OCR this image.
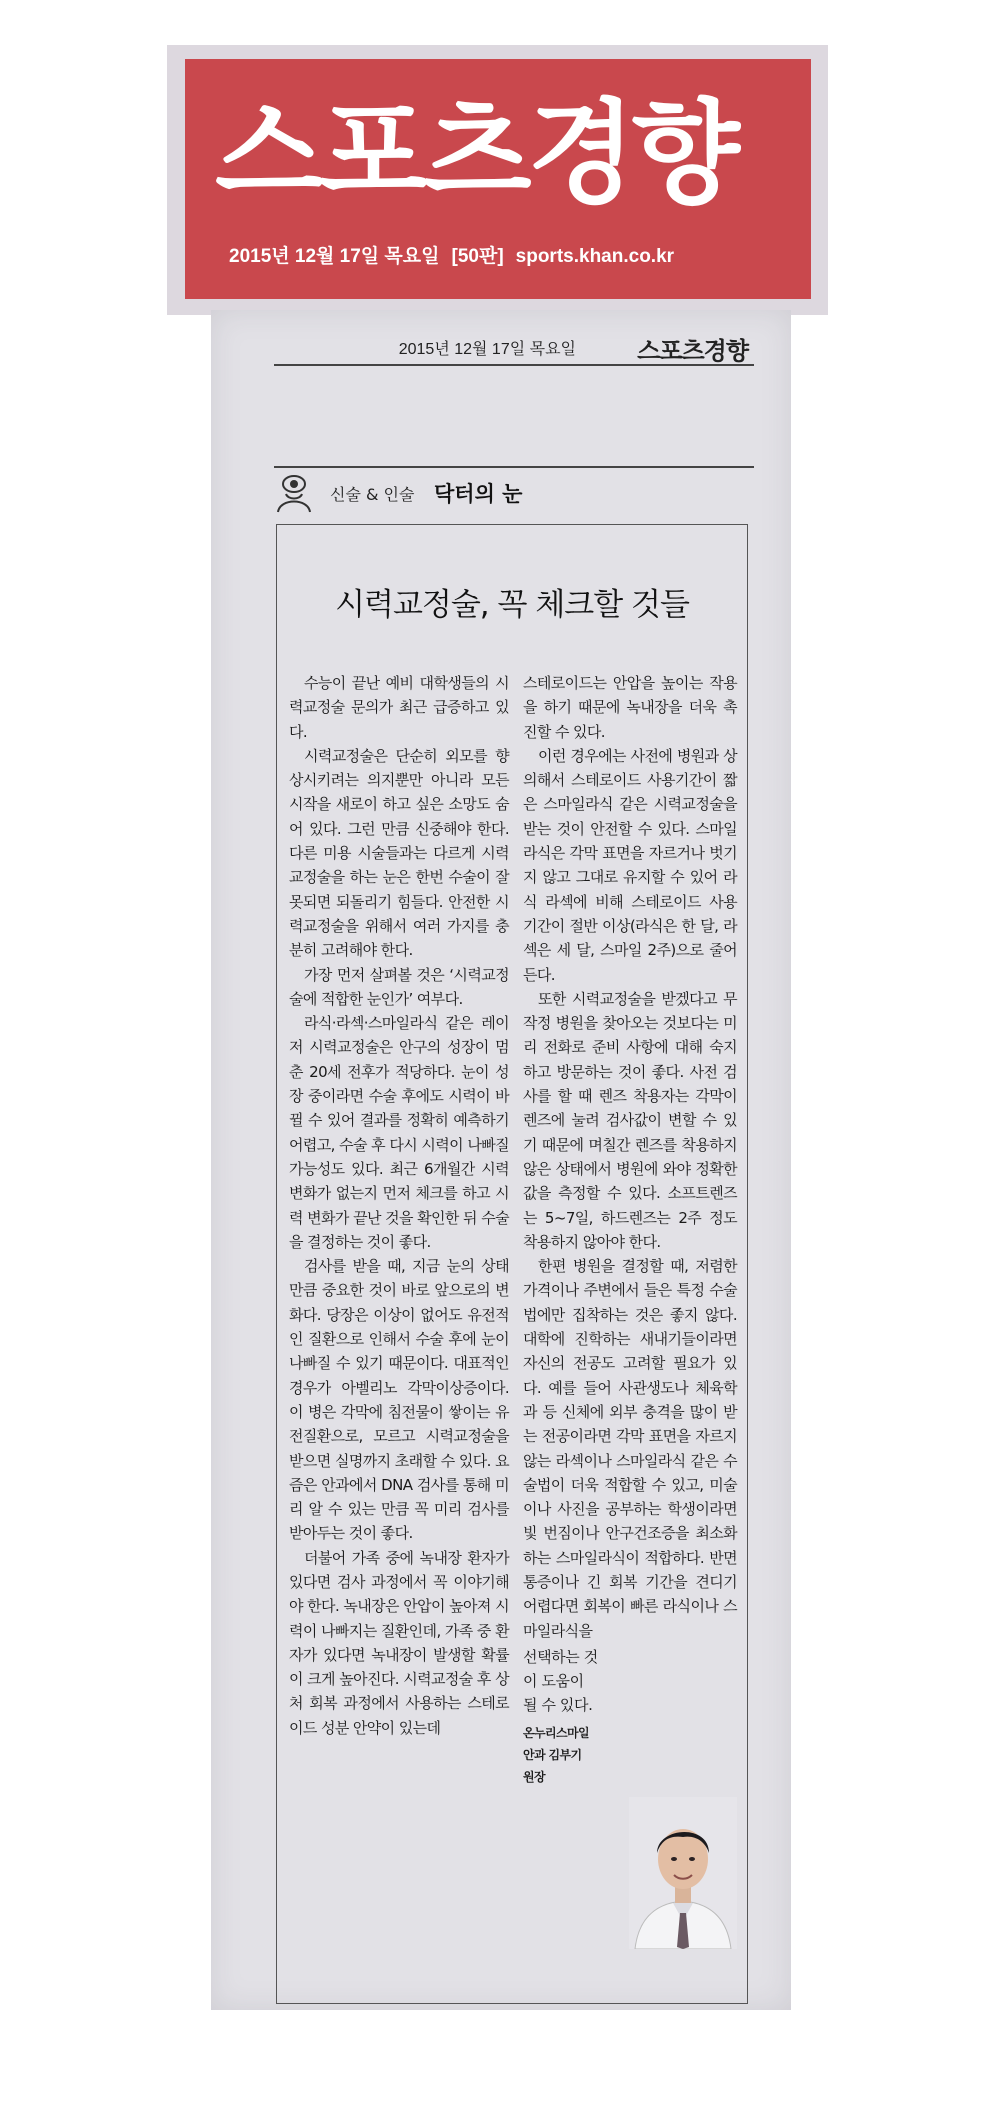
스포츠경향
2015년 12월 17일 목요일 [50판] sports.khan.co.kr
2015년 12월 17일 목요일	스포츠경향
신술 & 인술 닥터의 눈
시력교정술, 꼭 체크할 것들

수능이 끝난 예비 대학생들의 시력교정술 문의가 최근 급증하고 있다.

시력교정술은 단순히 외모를 향상시키려는 의지뿐만 아니라 모든 시작을 새로이 하고 싶은 소망도 숨어 있다. 그런 만큼 신중해야 한다. 다른 미용 시술들과는 다르게 시력교정술을 하는 눈은 한번 수술이 잘못되면 되돌리기 힘들다. 안전한 시력교정술을 위해서 여러 가지를 충분히 고려해야 한다.

가장 먼저 살펴볼 것은 ‘시력교정술에 적합한 눈인가’ 여부다.

라식·라섹·스마일라식 같은 레이저 시력교정술은 안구의 성장이 멈춘 20세 전후가 적당하다. 눈이 성장 중이라면 수술 후에도 시력이 바뀔 수 있어 결과를 정확히 예측하기 어렵고, 수술 후 다시 시력이 나빠질 가능성도 있다. 최근 6개월간 시력 변화가 없는지 먼저 체크를 하고 시력 변화가 끝난 것을 확인한 뒤 수술을 결정하는 것이 좋다.

검사를 받을 때, 지금 눈의 상태만큼 중요한 것이 바로 앞으로의 변화다. 당장은 이상이 없어도 유전적인 질환으로 인해서 수술 후에 눈이 나빠질 수 있기 때문이다. 대표적인 경우가 아벨리노 각막이상증이다. 이 병은 각막에 침전물이 쌓이는 유전질환으로, 모르고 시력교정술을 받으면 실명까지 초래할 수 있다. 요즘은 안과에서 DNA 검사를 통해 미리 알 수 있는 만큼 꼭 미리 검사를 받아두는 것이 좋다.

더불어 가족 중에 녹내장 환자가 있다면 검사 과정에서 꼭 이야기해야 한다. 녹내장은 안압이 높아져 시력이 나빠지는 질환인데, 가족 중 환자가 있다면 녹내장이 발생할 확률이 크게 높아진다. 시력교정술 후 상처 회복 과정에서 사용하는 스테로이드 성분 안약이 있는데

스테로이드는 안압을 높이는 작용을 하기 때문에 녹내장을 더욱 촉진할 수 있다.

이런 경우에는 사전에 병원과 상의해서 스테로이드 사용기간이 짧은 스마일라식 같은 시력교정술을 받는 것이 안전할 수 있다. 스마일라식은 각막 표면을 자르거나 벗기지 않고 그대로 유지할 수 있어 라식 라섹에 비해 스테로이드 사용 기간이 절반 이상(라식은 한 달, 라섹은 세 달, 스마일 2주)으로 줄어든다.

또한 시력교정술을 받겠다고 무작정 병원을 찾아오는 것보다는 미리 전화로 준비 사항에 대해 숙지하고 방문하는 것이 좋다. 사전 검사를 할 때 렌즈 착용자는 각막이 렌즈에 눌려 검사값이 변할 수 있기 때문에 며칠간 렌즈를 착용하지 않은 상태에서 병원에 와야 정확한 값을 측정할 수 있다. 소프트렌즈는 5~7일, 하드렌즈는 2주 정도 착용하지 않아야 한다.

한편 병원을 결정할 때, 저렴한 가격이나 주변에서 들은 특정 수술법에만 집착하는 것은 좋지 않다. 대학에 진학하는 새내기들이라면 자신의 전공도 고려할 필요가 있다. 예를 들어 사관생도나 체육학과 등 신체에 외부 충격을 많이 받는 전공이라면 각막 표면을 자르지 않는 라섹이나 스마일라식 같은 수술법이 더욱 적합할 수 있고, 미술이나 사진을 공부하는 학생이라면 빛 번짐이나 안구건조증을 최소화하는 스마일라식이 적합하다. 반면 통증이나 긴 회복 기간을 견디기 어렵다면 회복이 빠른 라식이나 스마일라식을

선택하는 것
이 도움이
될 수 있다.
온누리스마일
안과 김부기
원장
